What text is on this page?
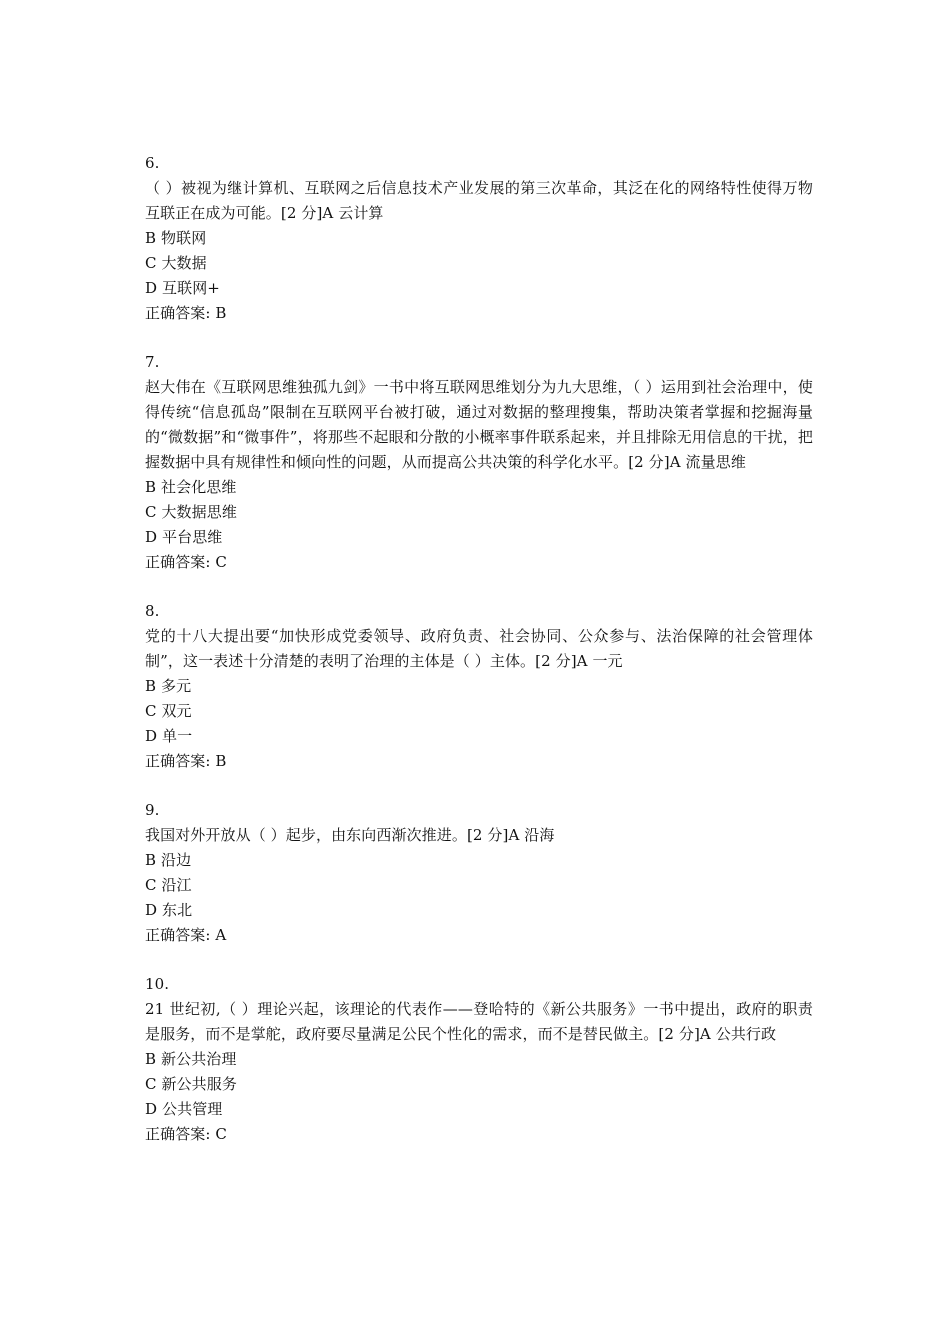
6.
（ ）被视为继计算机、互联网之后信息技术产业发展的第三次革命，其泛在化的网络特性使得万物互联正在成为可能。[2 分]A 云计算
B 物联网
C 大数据
D 互联网+
正确答案: B
7.
赵大伟在《互联网思维独孤九剑》一书中将互联网思维划分为九大思维，（ ）运用到社会治理中，使得传统“信息孤岛”限制在互联网平台被打破，通过对数据的整理搜集，帮助决策者掌握和挖掘海量的“微数据”和“微事件”，将那些不起眼和分散的小概率事件联系起来，并且排除无用信息的干扰，把握数据中具有规律性和倾向性的问题，从而提高公共决策的科学化水平。[2 分]A 流量思维
B 社会化思维
C 大数据思维
D 平台思维
正确答案: C
8.
党的十八大提出要“加快形成党委领导、政府负责、社会协同、公众参与、法治保障的社会管理体制”，这一表述十分清楚的表明了治理的主体是（ ）主体。[2 分]A 一元
B 多元
C 双元
D 单一
正确答案: B
9.
我国对外开放从（ ）起步，由东向西渐次推进。[2 分]A 沿海
B 沿边
C 沿江
D 东北
正确答案: A
10.
21 世纪初,（ ）理论兴起，该理论的代表作——登哈特的《新公共服务》一书中提出，政府的职责是服务，而不是掌舵，政府要尽量满足公民个性化的需求，而不是替民做主。[2 分]A 公共行政
B 新公共治理
C 新公共服务
D 公共管理
正确答案: C
